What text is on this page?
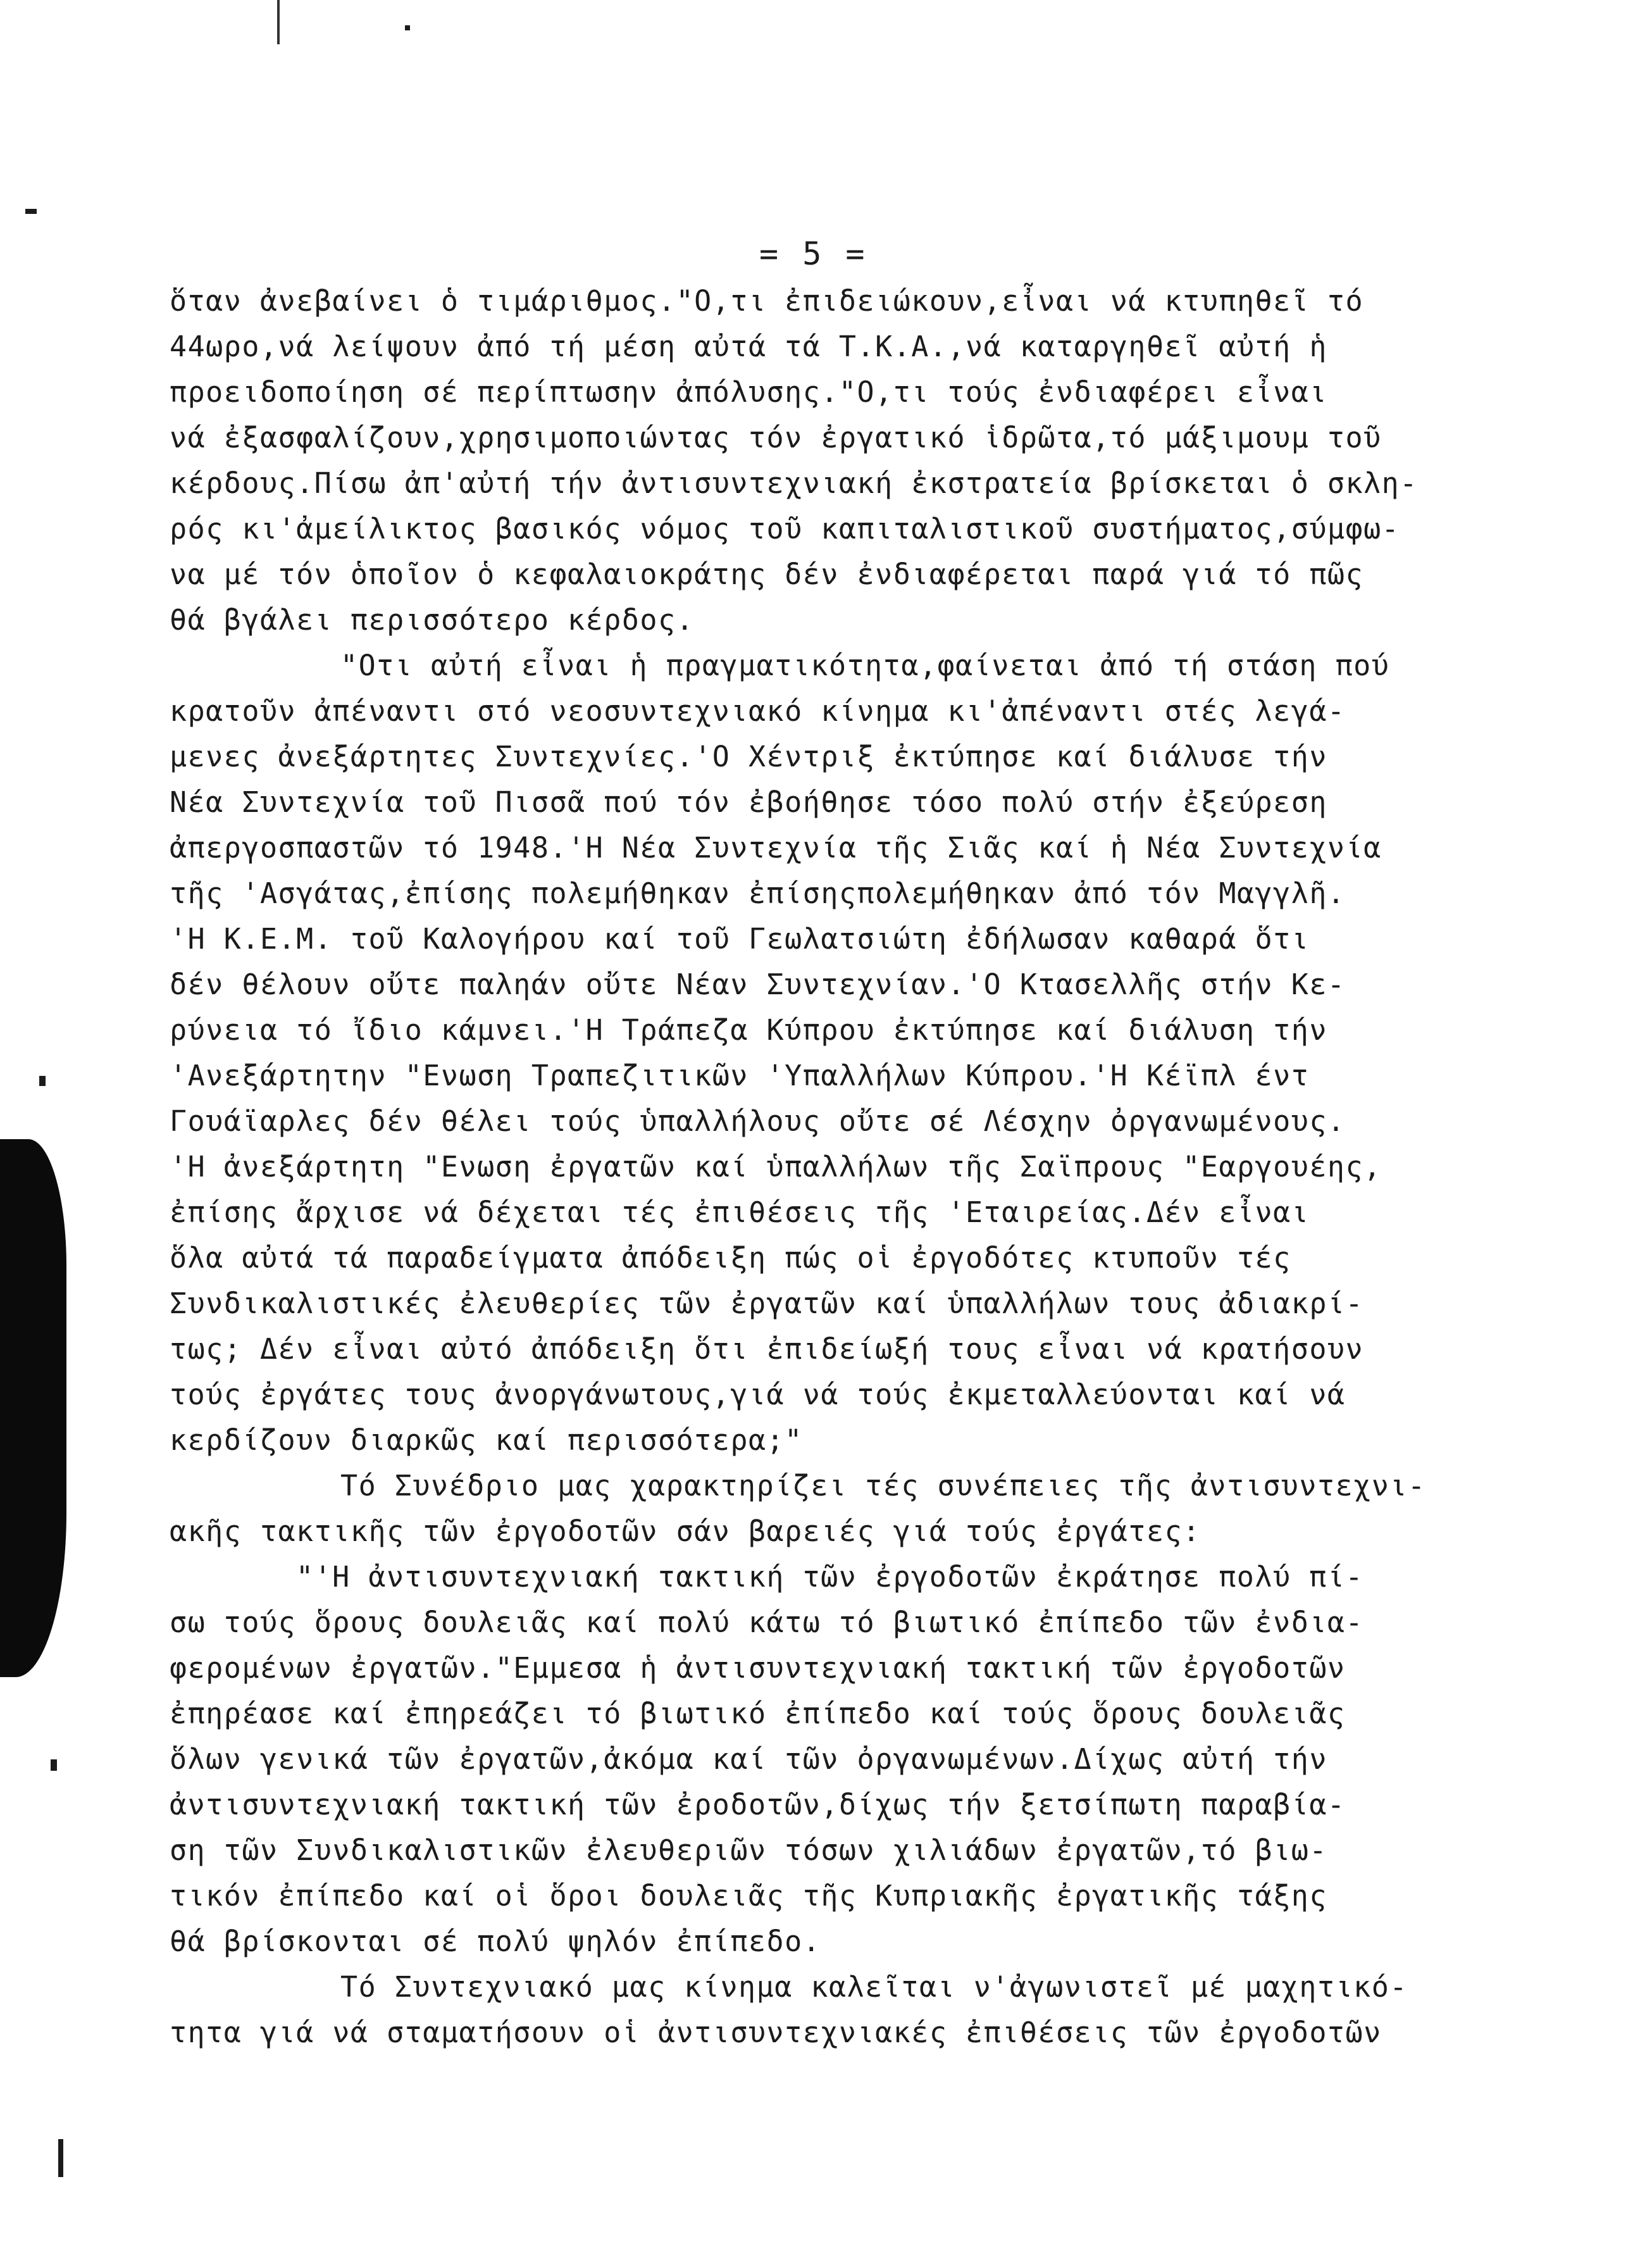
= 5 =
ὅταν ἀνεβαίνει ὁ τιμάριθμος."Ο,τι ἐπιδειώκουν,εἶναι νά κτυπηθεῖ τό
44ωρο,νά λείψουν ἀπό τή μέση αὐτά τά Τ.Κ.Α.,νά καταργηθεῖ αὐτή ἡ
προειδοποίηση σέ περίπτωσην ἀπόλυσης."Ο,τι τούς ἐνδιαφέρει εἶναι
νά ἐξασφαλίζουν,χρησιμοποιώντας τόν ἐργατικό ἱδρῶτα,τό μάξιμουμ τοῦ
κέρδους.Πίσω ἀπ'αὐτή τήν ἀντισυντεχνιακή ἐκστρατεία βρίσκεται ὁ σκλη-
ρός κι'ἀμείλικτος βασικός νόμος τοῦ καπιταλιστικοῦ συστήματος,σύμφω-
να μέ τόν ὁποῖον ὁ κεφαλαιοκράτης δέν ἐνδιαφέρεται παρά γιά τό πῶς
θά βγάλει περισσότερο κέρδος.
"Οτι αὐτή εἶναι ἡ πραγματικότητα,φαίνεται ἀπό τή στάση πού
κρατοῦν ἀπέναντι στό νεοσυντεχνιακό κίνημα κι'ἀπέναντι στές λεγά-
μενες ἀνεξάρτητες Συντεχνίες.'Ο Χέντριξ ἐκτύπησε καί διάλυσε τήν
Νέα Συντεχνία τοῦ Πισσᾶ πού τόν ἐβοήθησε τόσο πολύ στήν ἐξεύρεση
ἀπεργοσπαστῶν τό 1948.'Η Νέα Συντεχνία τῆς Σιᾶς καί ἡ Νέα Συντεχνία
τῆς 'Ασγάτας,ἐπίσης πολεμήθηκαν ἐπίσηςπολεμήθηκαν ἀπό τόν Μαγγλῆ.
'Η Κ.Ε.Μ. τοῦ Καλογήρου καί τοῦ Γεωλατσιώτη ἐδήλωσαν καθαρά ὅτι
δέν θέλουν οὔτε παληάν οὔτε Νέαν Συντεχνίαν.'Ο Κτασελλῆς στήν Κε-
ρύνεια τό ἴδιο κάμνει.'Η Τράπεζα Κύπρου ἐκτύπησε καί διάλυση τήν
'Ανεξάρτητην "Ενωση Τραπεζιτικῶν 'Υπαλλήλων Κύπρου.'Η Κέϊπλ έντ
Γουάϊαρλες δέν θέλει τούς ὑπαλλήλους οὔτε σέ Λέσχην ὀργανωμένους.
'Η ἀνεξάρτητη "Ενωση ἐργατῶν καί ὑπαλλήλων τῆς Σαϊπρους "Εαργουέης,
ἐπίσης ἄρχισε νά δέχεται τές ἐπιθέσεις τῆς 'Εταιρείας.Δέν εἶναι
ὅλα αὐτά τά παραδείγματα ἀπόδειξη πώς οἱ ἐργοδότες κτυποῦν τές
Συνδικαλιστικές ἐλευθερίες τῶν ἐργατῶν καί ὑπαλλήλων τους ἀδιακρί-
τως; Δέν εἶναι αὐτό ἀπόδειξη ὅτι ἐπιδείωξή τους εἶναι νά κρατήσουν
τούς ἐργάτες τους ἀνοργάνωτους,γιά νά τούς ἐκμεταλλεύονται καί νά
κερδίζουν διαρκῶς καί περισσότερα;"
Τό Συνέδριο μας χαρακτηρίζει τές συνέπειες τῆς ἀντισυντεχνι-
ακῆς τακτικῆς τῶν ἐργοδοτῶν σάν βαρειές γιά τούς ἐργάτες:
"'Η ἀντισυντεχνιακή τακτική τῶν ἐργοδοτῶν ἐκράτησε πολύ πί-
σω τούς ὅρους δουλειᾶς καί πολύ κάτω τό βιωτικό ἐπίπεδο τῶν ἐνδια-
φερομένων ἐργατῶν."Εμμεσα ἡ ἀντισυντεχνιακή τακτική τῶν ἐργοδοτῶν
ἐπηρέασε καί ἐπηρεάζει τό βιωτικό ἐπίπεδο καί τούς ὅρους δουλειᾶς
ὅλων γενικά τῶν ἐργατῶν,ἀκόμα καί τῶν ὀργανωμένων.Δίχως αὐτή τήν
ἀντισυντεχνιακή τακτική τῶν ἐροδοτῶν,δίχως τήν ξετσίπωτη παραβία-
ση τῶν Συνδικαλιστικῶν ἐλευθεριῶν τόσων χιλιάδων ἐργατῶν,τό βιω-
τικόν ἐπίπεδο καί οἱ ὅροι δουλειᾶς τῆς Κυπριακῆς ἐργατικῆς τάξης
θά βρίσκονται σέ πολύ ψηλόν ἐπίπεδο.
Τό Συντεχνιακό μας κίνημα καλεῖται ν'ἀγωνιστεῖ μέ μαχητικό-
τητα γιά νά σταματήσουν οἱ ἀντισυντεχνιακές ἐπιθέσεις τῶν ἐργοδοτῶν
